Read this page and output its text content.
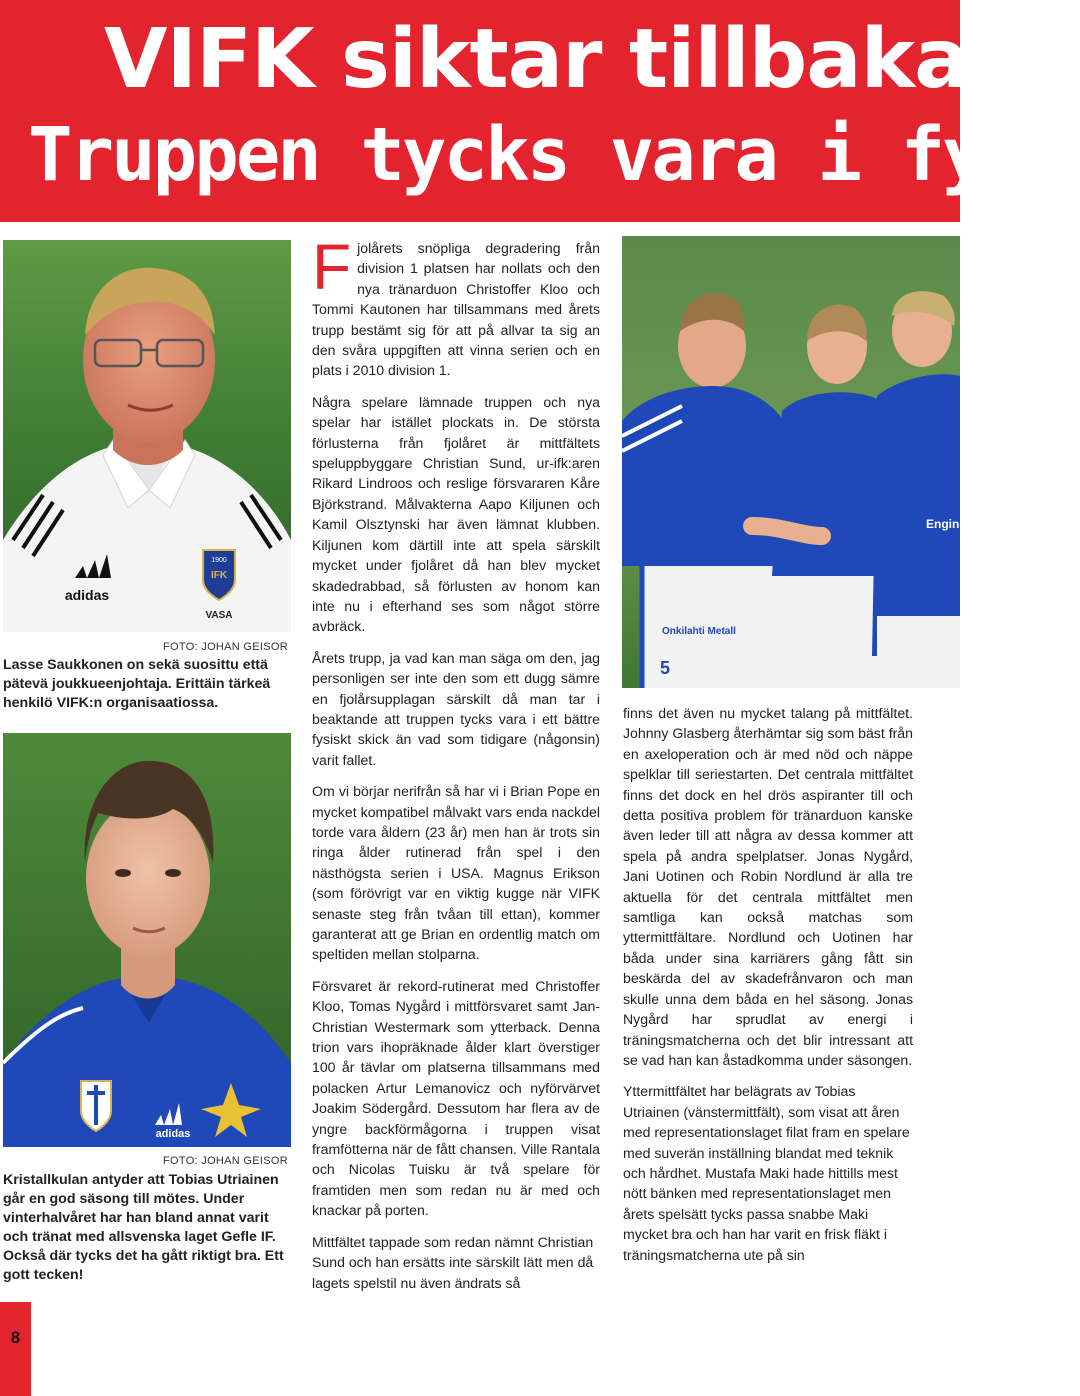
VIFK siktar tillbaka m
Truppen tycks vara i fys
1900
IFK
VASA
adidas
FOTO: JOHAN GEISOR
Lasse Saukkonen on sekä suosittu että pätevä joukkueenjohtaja. Erittäin tärkeä henkilö VIFK:n organisaatiossa.
adidas
FOTO: JOHAN GEISOR
Kristallkulan antyder att Tobias Utriainen går en god säsong till mötes. Under vinterhalvåret har han bland annat varit och tränat med allsvenska laget Gefle IF. Också där tycks det ha gått riktigt bra. Ett gott tecken!
Onkilahti Metall
5
Engine

Fjolårets snöpliga degradering från division 1 platsen har nollats och den nya tränarduon Christoffer Kloo och Tommi Kautonen har tillsammans med årets trupp bestämt sig för att på allvar ta sig an den svåra uppgiften att vinna serien och en plats i 2010 division 1.

Några spelare lämnade truppen och nya spelar har istället plockats in. De största förlusterna från fjolåret är mittfältets speluppbyggare Christian Sund, ur-ifk:aren Rikard Lindroos och reslige försvararen Kåre Björkstrand. Målvakterna Aapo Kiljunen och Kamil Olsztynski har även lämnat klubben. Kiljunen kom därtill inte att spela särskilt mycket under fjolåret då han blev mycket skadedrabbad, så förlusten av honom kan inte nu i efterhand ses som något större avbräck.

Årets trupp, ja vad kan man säga om den, jag personligen ser inte den som ett dugg sämre en fjolårsupplagan särskilt då man tar i beaktande att truppen tycks vara i ett bättre fysiskt skick än vad som tidigare (någonsin) varit fallet.

Om vi börjar nerifrån så har vi i Brian Pope en mycket kompatibel målvakt vars enda nackdel torde vara åldern (23 år) men han är trots sin ringa ålder rutinerad från spel i den nästhögsta serien i USA. Magnus Erikson (som förövrigt var en viktig kugge när VIFK senaste steg från tvåan till ettan), kommer garanterat att ge Brian en ordentlig match om speltiden mellan stolparna.

Försvaret är rekord-rutinerat med Christoffer Kloo, Tomas Nygård i mittförsvaret samt Jan-Christian Westermark som ytterback. Denna trion vars ihopräknade ålder klart överstiger 100 år tävlar om platserna tillsammans med polacken Artur Lemanovicz och nyförvärvet Joakim Södergård. Dessutom har flera av de yngre backförmågorna i truppen visat framfötterna när de fått chansen. Ville Rantala och Nicolas Tuisku är två spelare för framtiden men som redan nu är med och knackar på porten.

Mittfältet tappade som redan nämnt Christian Sund och han ersätts inte särskilt lätt men då lagets spelstil nu även ändrats så

finns det även nu mycket talang på mittfältet. Johnny Glasberg återhämtar sig som bäst från en axeloperation och är med nöd och näppe spelklar till seriestarten. Det centrala mittfältet finns det dock en hel drös aspiranter till och detta positiva problem för tränarduon kanske även leder till att några av dessa kommer att spela på andra spelplatser. Jonas Nygård, Jani Uotinen och Robin Nordlund är alla tre aktuella för det centrala mittfältet men samtliga kan också matchas som yttermittfältare. Nordlund och Uotinen har båda under sina karriärers gång fått sin beskärda del av skadefrånvaron och man skulle unna dem båda en hel säsong. Jonas Nygård har sprudlat av energi i träningsmatcherna och det blir intressant att se vad han kan åstadkomma under säsongen.

Yttermittfältet har belägrats av Tobias Utriainen (vänstermittfält), som visat att åren med representationslaget filat fram en spelare med suverän inställning blandat med teknik och hårdhet. Mustafa Maki hade hittills mest nött bänken med representationslaget men årets spelsätt tycks passa snabbe Maki mycket bra och han har varit en frisk fläkt i träningsmatcherna ute på sin

8
